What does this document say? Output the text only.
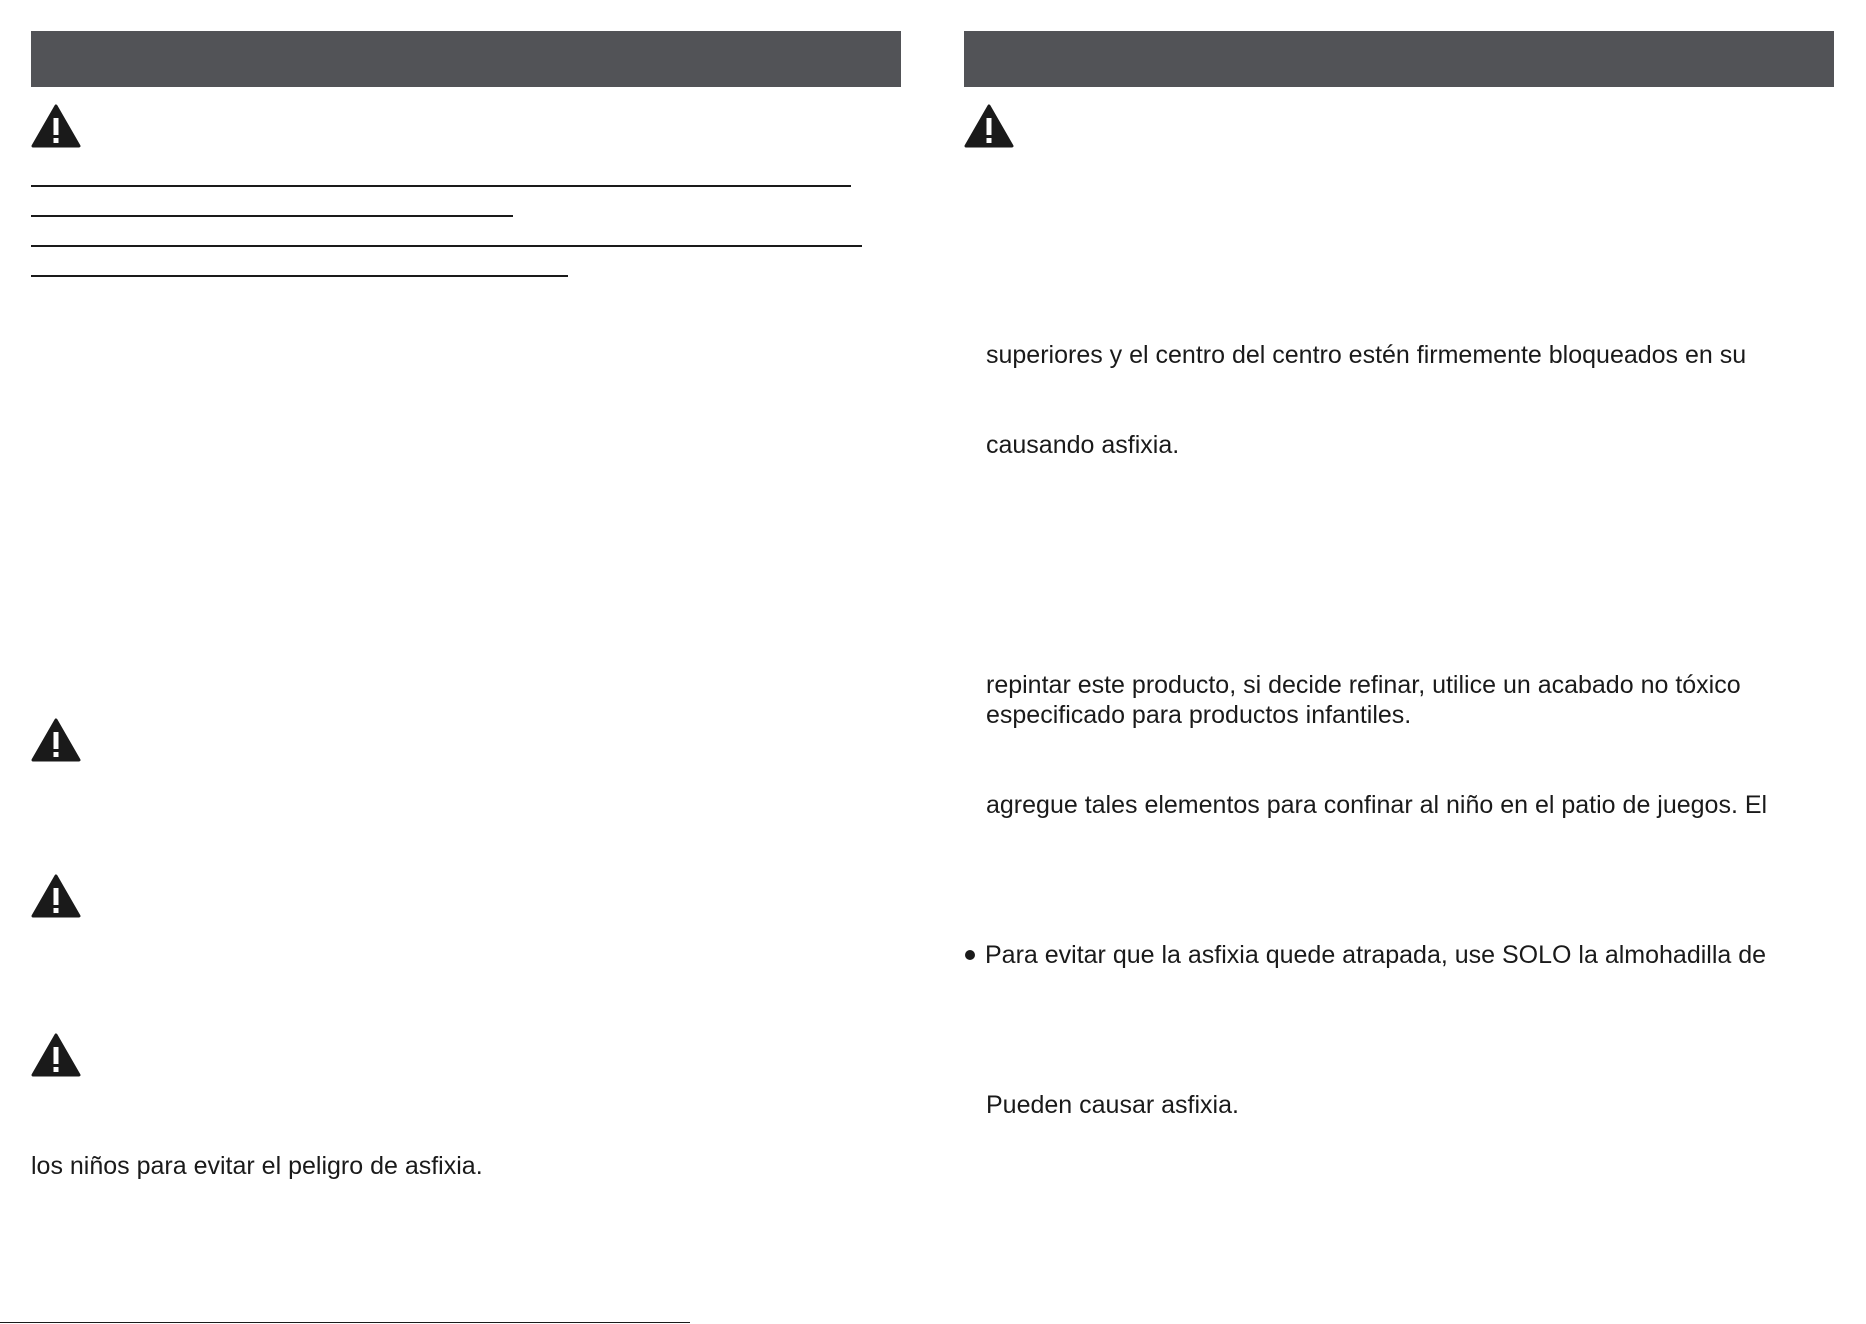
los niños para evitar el peligro de asfixia.
superiores y el centro del centro estén firmemente bloqueados en su
causando asfixia.
repintar este producto, si decide refinar, utilice un acabado no tóxico
especificado para productos infantiles.
agregue tales elementos para confinar al niño en el patio de juegos. El
Para evitar que la asfixia quede atrapada, use SOLO la almohadilla de
Pueden causar asfixia.
